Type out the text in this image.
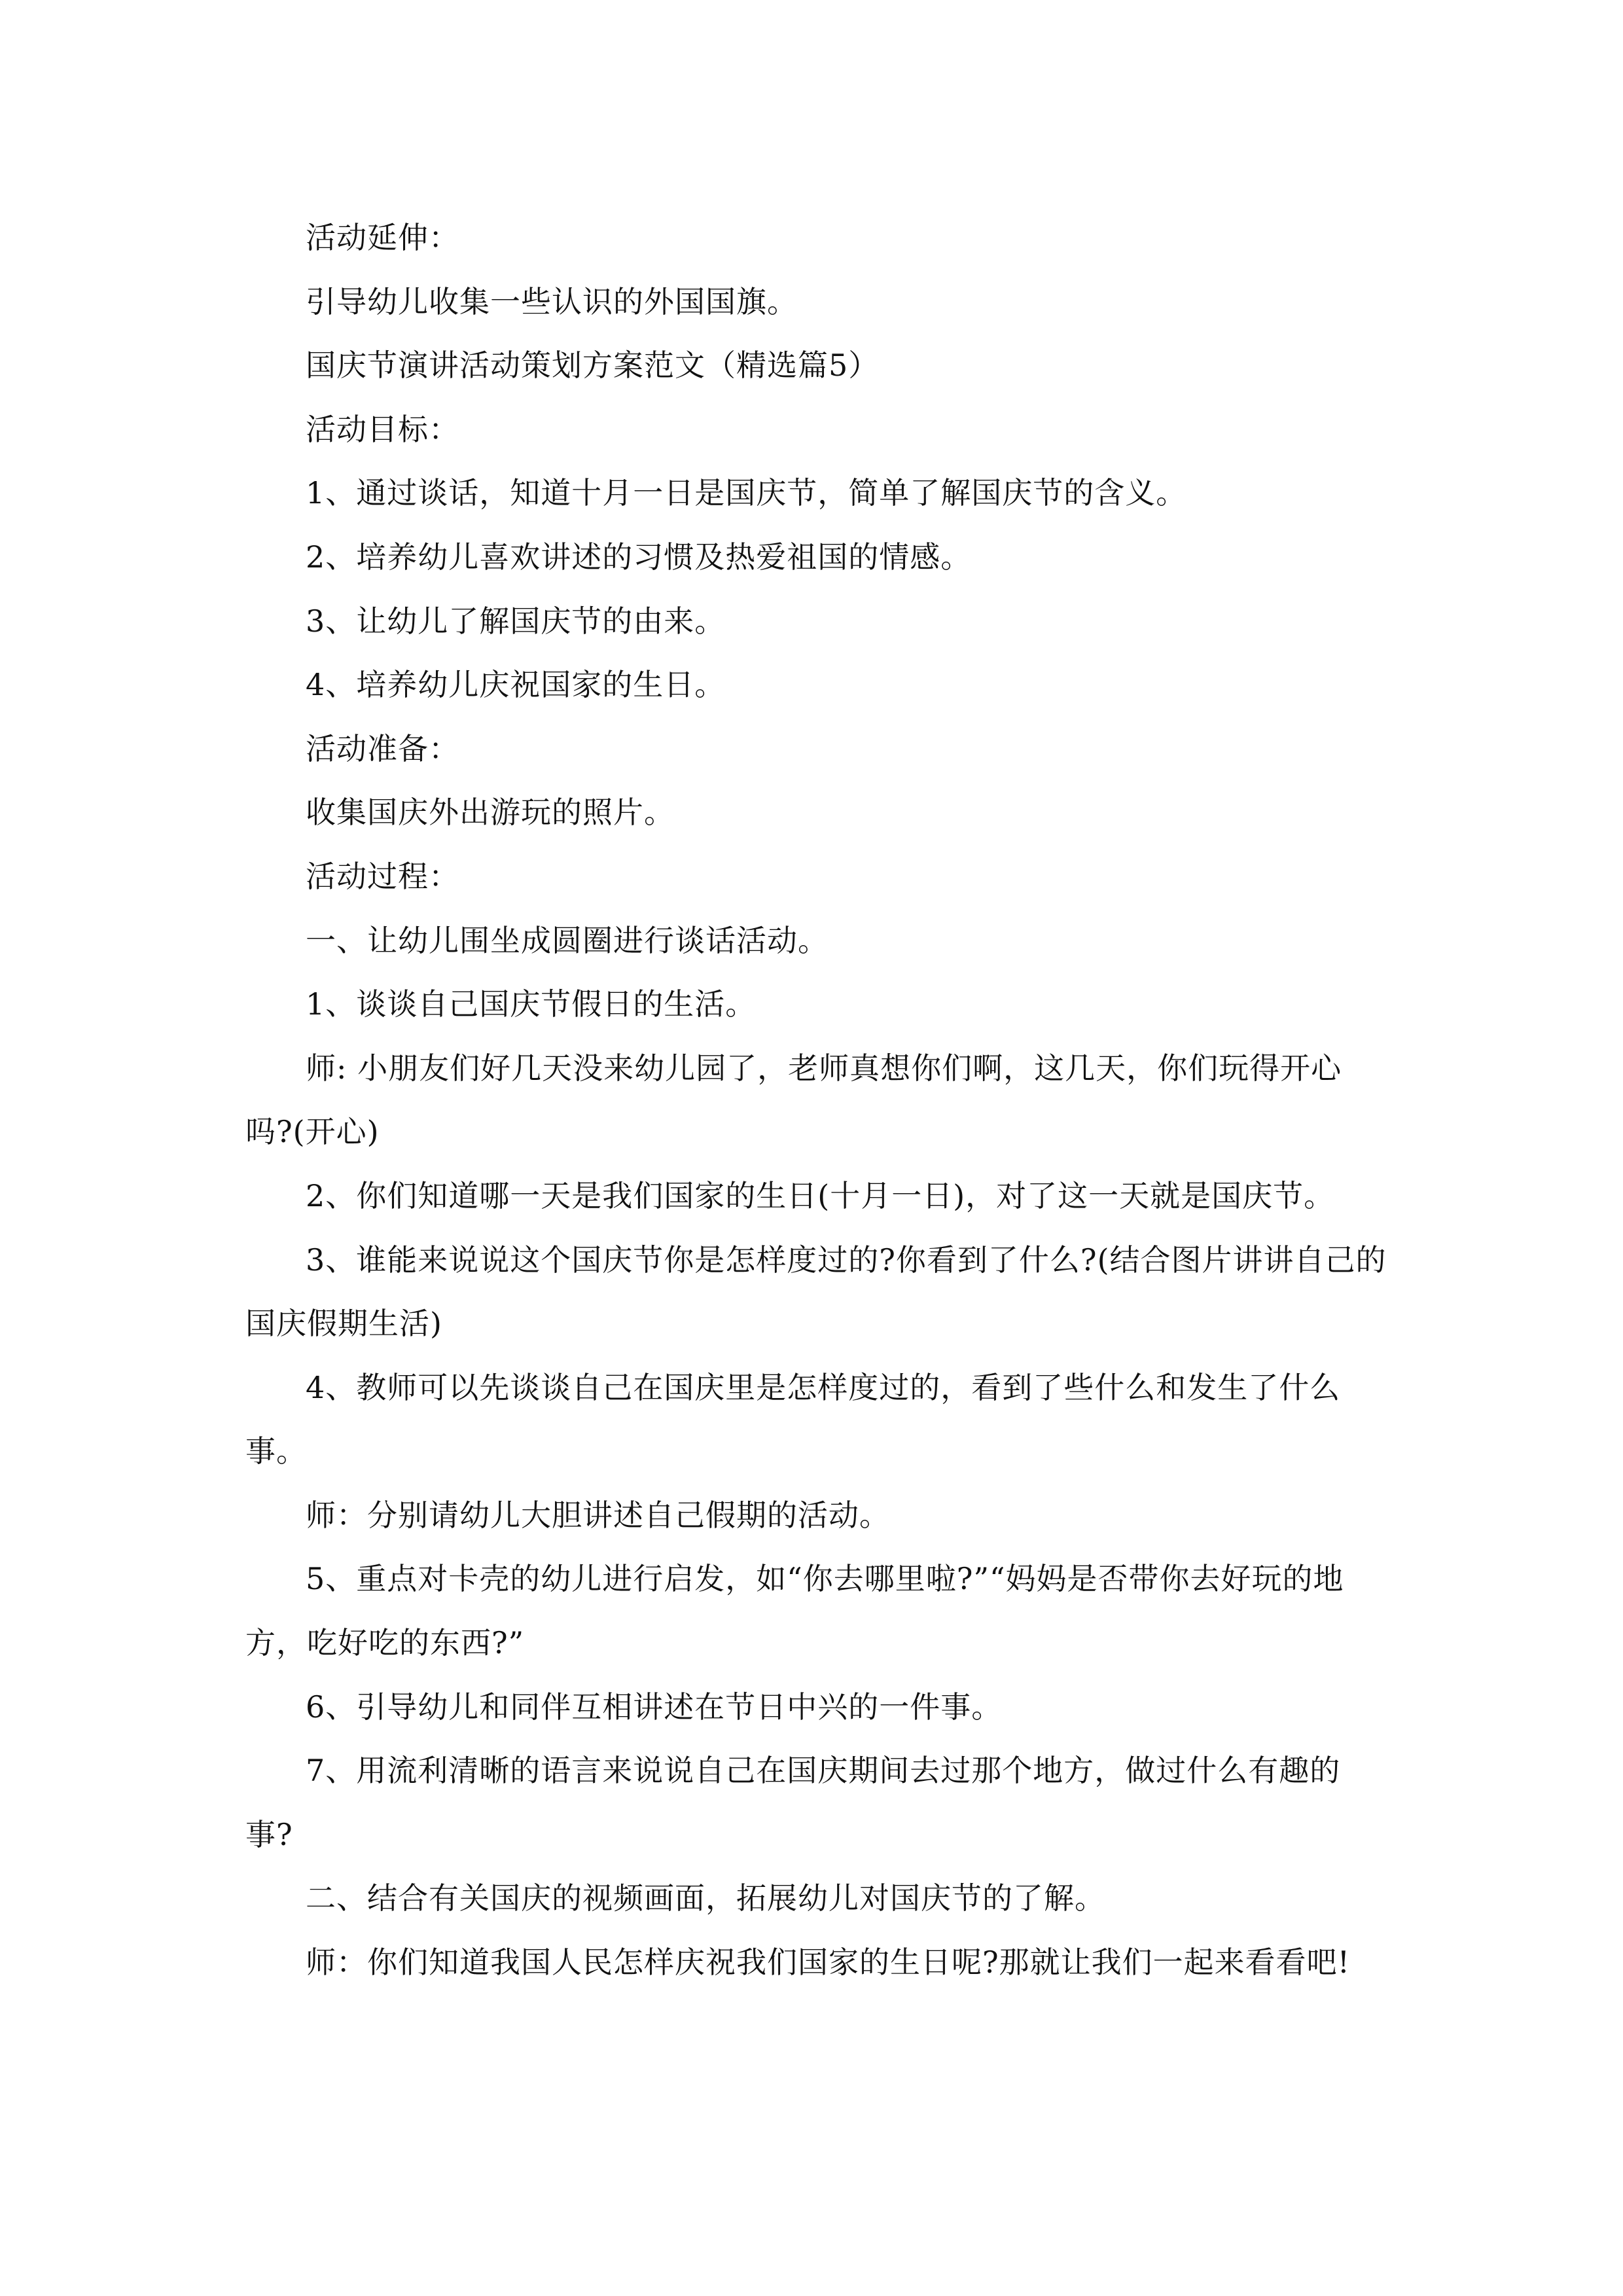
活动延伸：

引导幼儿收集一些认识的外国国旗。

国庆节演讲活动策划方案范文（精选篇5）

活动目标：

1、通过谈话，知道十月一日是国庆节，简单了解国庆节的含义。

2、培养幼儿喜欢讲述的习惯及热爱祖国的情感。

3、让幼儿了解国庆节的由来。

4、培养幼儿庆祝国家的生日。

活动准备：

收集国庆外出游玩的照片。

活动过程：

一、让幼儿围坐成圆圈进行谈话活动。

1、谈谈自己国庆节假日的生活。

师: 小朋友们好几天没来幼儿园了，老师真想你们啊，这几天，你们玩得开心吗?(开心)

2、你们知道哪一天是我们国家的生日(十月一日)，对了这一天就是国庆节。

3、谁能来说说这个国庆节你是怎样度过的?你看到了什么?(结合图片讲讲自己的国庆假期生活)

4、教师可以先谈谈自己在国庆里是怎样度过的，看到了些什么和发生了什么事。

师：分别请幼儿大胆讲述自己假期的活动。

5、重点对卡壳的幼儿进行启发，如“你去哪里啦?”“妈妈是否带你去好玩的地方，吃好吃的东西?”

6、引导幼儿和同伴互相讲述在节日中兴的一件事。

7、用流利清晰的语言来说说自己在国庆期间去过那个地方，做过什么有趣的事?

二、结合有关国庆的视频画面，拓展幼儿对国庆节的了解。

师：你们知道我国人民怎样庆祝我们国家的生日呢?那就让我们一起来看看吧!
